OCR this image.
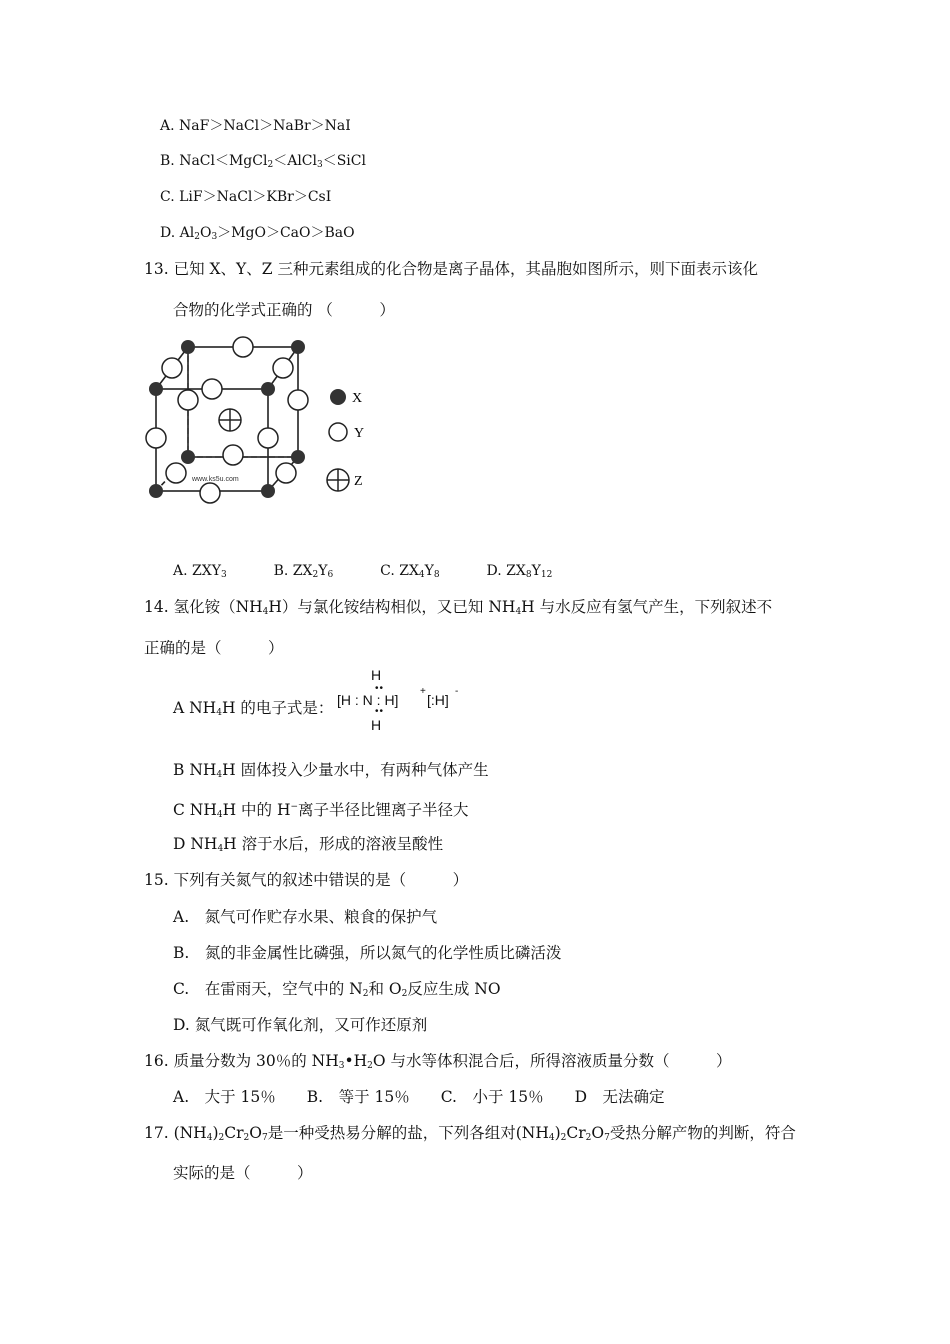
A. NaF＞NaCl＞NaBr＞NaI
B. NaCl＜MgCl$_2$＜AlCl$_3$＜SiCl
C. LiF＞NaCl＞KBr＞CsI
D. $Al_2O_3>MgO>CaO>BaO$
13. 已知 X、Y、Z 三种元素组成的化合物是离子晶体，其晶胞如图所示，则下面表示该化
合物的化学式正确的 （　　　）
www.ks5u.com
X
Y
Z
A. $ZXY_3$	B. $ZX_2Y_6$	C. $ZX_4Y_8$	D. $ZX_8Y_{12}$
14. 氢化铵$(NH_4H)$与氯化铵结构相似，又已知 $NH_4H$ 与水反应有氢气产生，下列叙述不
正确的是（　　　）
A $NH_4H$ 的电子式是：
H
••
[H : N : H]
+
[:H]
-
••
H
B $NH_4H$ 固体投入少量水中，有两种气体产生
C $NH_4H$ 中的 H−离子半径比锂离子半径大
D $NH_4H$ 溶于水后，形成的溶液呈酸性
15. 下列有关氮气的叙述中错误的是（　　　）
A.　氮气可作贮存水果、粮食的保护气
B.　氮的非金属性比磷强，所以氮气的化学性质比磷活泼
C.　在雷雨天，空气中的 $N_2$和 $O_2$反应生成 NO
D. 氮气既可作氧化剂，又可作还原剂
16. 质量分数为 30％的 $NH_3•H_2O$ 与水等体积混合后，所得溶液质量分数（　　　）
A.　大于 15％　　B.　等于 15％　　C.　小于 15％　　D　无法确定
17. $(NH_4)_2Cr_2O_7$是一种受热易分解的盐，下列各组对$(NH_4)_2Cr_2O_7$受热分解产物的判断，符合
实际的是（　　　）
